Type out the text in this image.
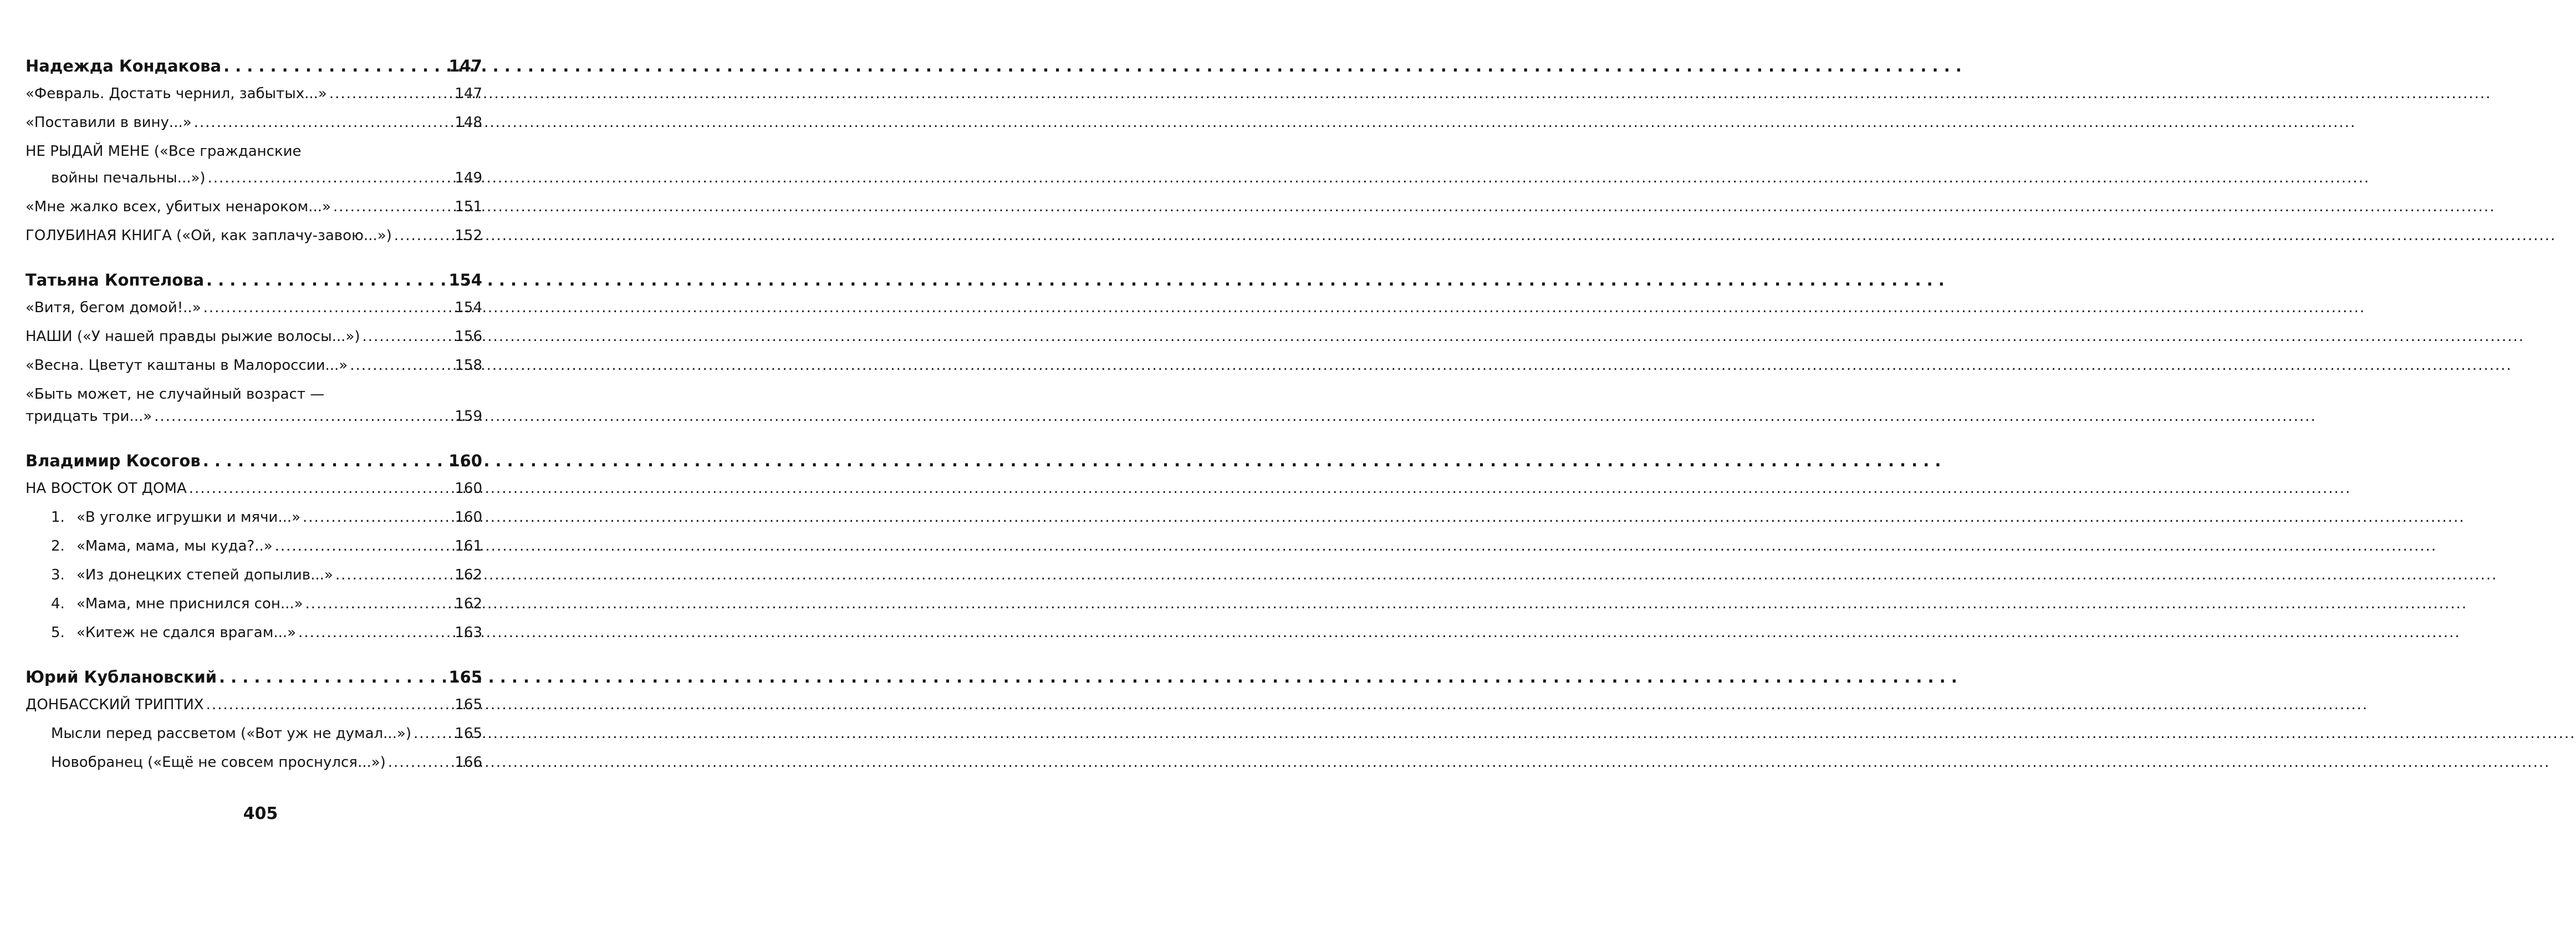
Надежда Кондакова . . .	147
«Февраль. Достать чернил, забытых...» .....	147
«Поставили в вину...» .....	148
НЕ РЫДАЙ МЕНЕ («Все гражданские
войны печальны...») .....	149
«Мне жалко всех, убитых ненароком...» .....	151
ГОЛУБИНАЯ КНИГА («Ой, как заплачу-завою...») .....	152
Татьяна Коптелова . . .	154
«Витя, бегом домой!..» .....	154
НАШИ («У нашей правды рыжие волосы...») .....	156
«Весна. Цветут каштаны в Малороссии...» .....	158
«Быть может, не случайный возраст —
тридцать три...» .....	159
Владимир Косогов . . .	160
НА ВОСТОК ОТ ДОМА .....	160
1. «В уголке игрушки и мячи...» .....	160
2. «Мама, мама, мы куда?..» .....	161
3. «Из донецких степей допылив...» .....	162
4. «Мама, мне приснился сон...» .....	162
5. «Китеж не сдался врагам...» .....	163
Юрий Кублановский . . .	165
ДОНБАССКИЙ ТРИПТИХ .....	165
Мысли перед рассветом («Вот уж не думал...») .....	165
Новобранец («Ещё не совсем проснулся...») .....	166
405
